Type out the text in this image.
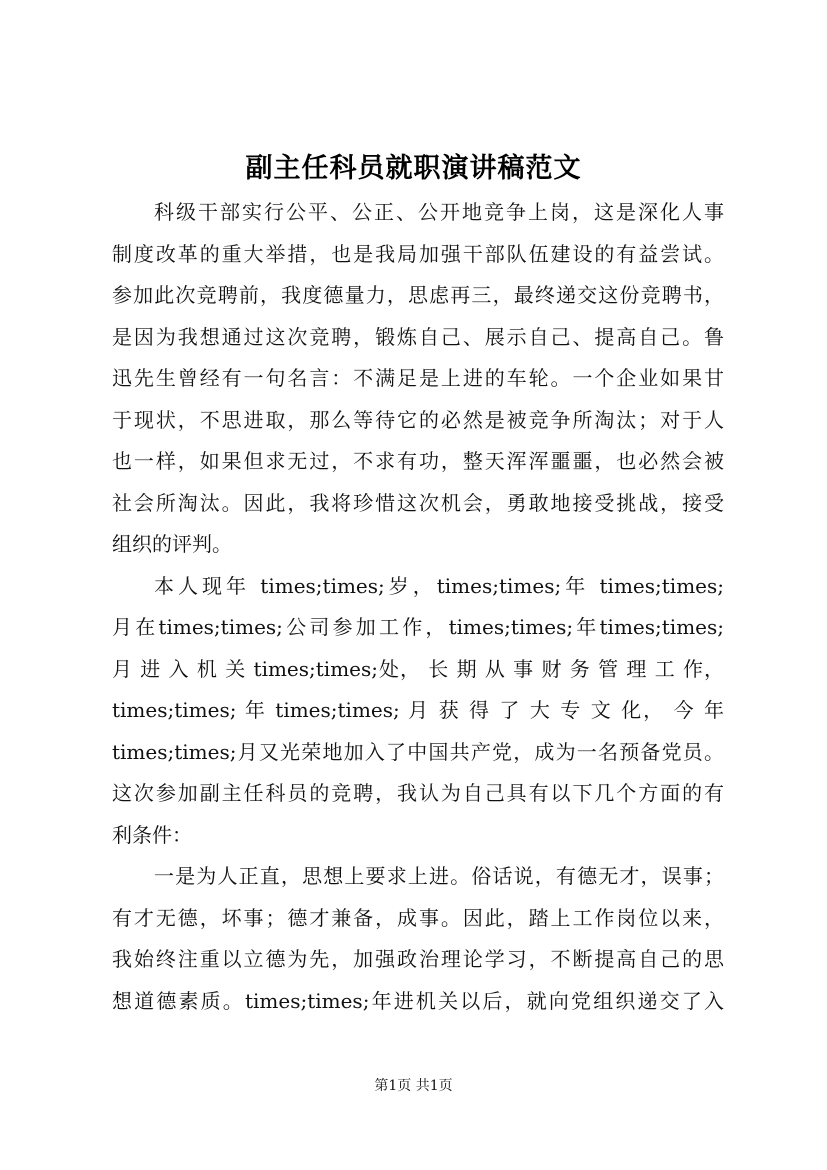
副主任科员就职演讲稿范文

科级干部实行公平、公正、公开地竞争上岗，这是深化人事

制度改革的重大举措，也是我局加强干部队伍建设的有益尝试。

参加此次竞聘前，我度德量力，思虑再三，最终递交这份竞聘书，

是因为我想通过这次竞聘，锻炼自己、展示自己、提高自己。鲁

迅先生曾经有一句名言：不满足是上进的车轮。一个企业如果甘

于现状，不思进取，那么等待它的必然是被竞争所淘汰；对于人

也一样，如果但求无过，不求有功，整天浑浑噩噩，也必然会被

社会所淘汰。因此，我将珍惜这次机会，勇敢地接受挑战，接受

组织的评判。

本人现年 times;times;岁，times;times;年 times;times;

月在times;times;公司参加工作，times;times;年times;times;

月 进 入 机 关 times;times;处， 长 期 从 事 财 务 管 理 工 作，

times;times; 年 times;times; 月 获 得 了 大 专 文 化， 今 年

times;times;月又光荣地加入了中国共产党，成为一名预备党员。

这次参加副主任科员的竞聘，我认为自己具有以下几个方面的有

利条件：

一是为人正直，思想上要求上进。俗话说，有德无才，误事；

有才无德，坏事；德才兼备，成事。因此，踏上工作岗位以来，

我始终注重以立德为先，加强政治理论学习，不断提高自己的思

想道德素质。times;times;年进机关以后，就向党组织递交了入

第1页 共1页
